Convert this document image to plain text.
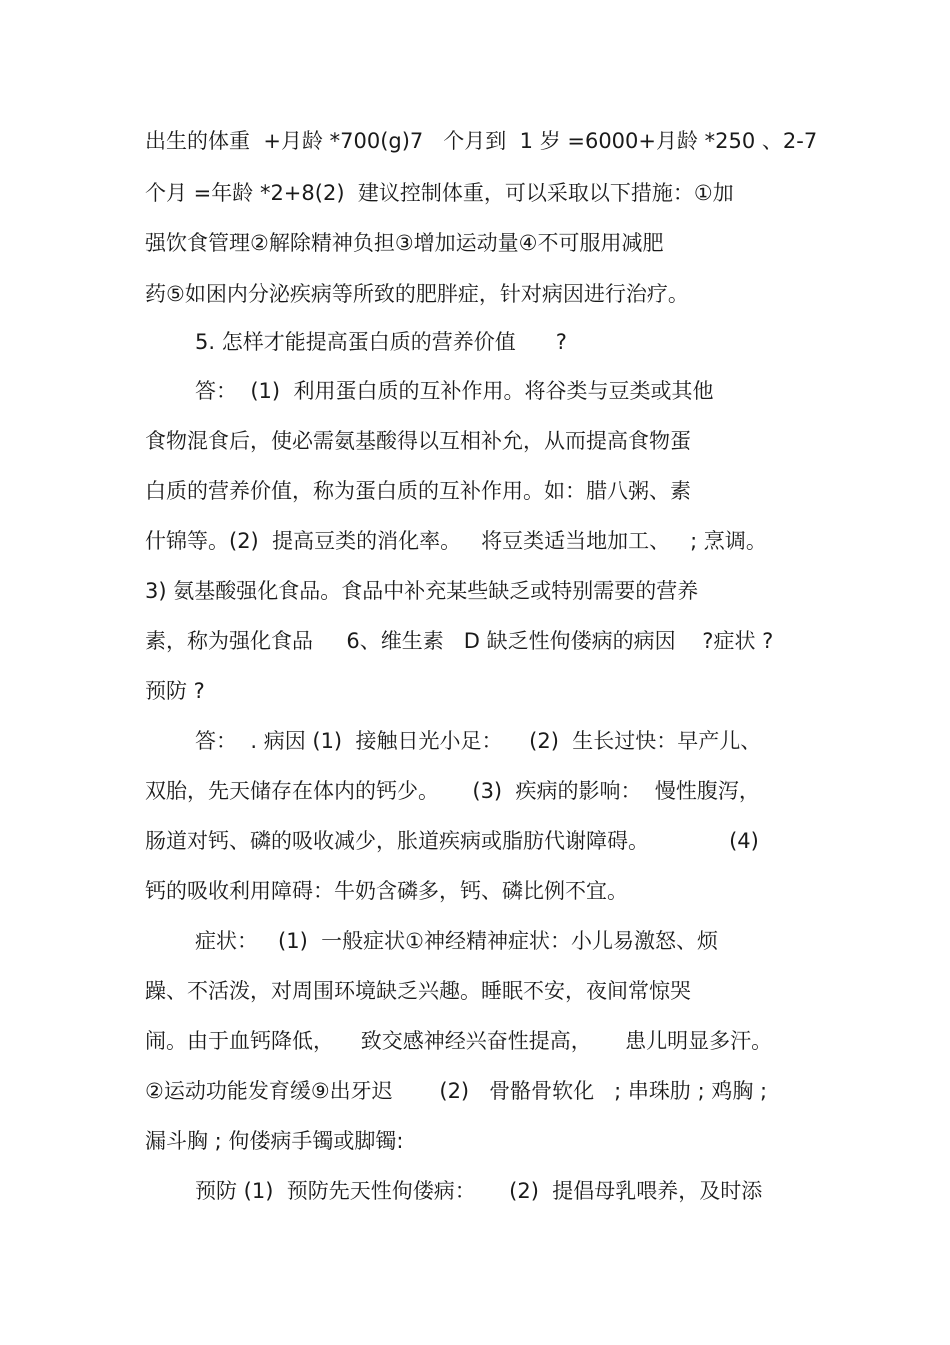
出生的体重  +月龄 *700(g)7   个月到  1 岁 =6000+月龄 *250 、2-7
个月 =年龄 *2+8(2)  建议控制体重，可以采取以下措施：①加
强饮食管理②解除精神负担③增加运动量④不可服用减肥
药⑤如困内分泌疾病等所致的肥胖症，针对病因进行治疗。
5. 怎样才能提高蛋白质的营养价值      ?
答：  (1)  利用蛋白质的互补作用。将谷类与豆类或其他
食物混食后，使必需氨基酸得以互相补允，从而提高食物蛋
白质的营养价值，称为蛋白质的互补作用。如：腊八粥、素
什锦等。(2)  提高豆类的消化率。   将豆类适当地加工、   ; 烹调。
3) 氨基酸强化食品。食品中补充某些缺乏或特别需要的营养
素，称为强化食品     6、维生素   D 缺乏性佝偻病的病因    ?症状 ?
预防 ?
答：  . 病因 (1)  接触日光小足：    (2)  生长过快：早产儿、
双胎，先天储存在体内的钙少。     (3)  疾病的影响：  慢性腹泻，
肠道对钙、磷的吸收减少，胀道疾病或脂肪代谢障碍。            (4)
钙的吸收利用障碍：牛奶含磷多，钙、磷比例不宜。
症状：   (1)  一般症状①神经精神症状：小儿易激怒、烦
躁、不活泼，对周围环境缺乏兴趣。睡眠不安，夜间常惊哭
闹。由于血钙降低，    致交感神经兴奋性提高，     患儿明显多汗。
②运动功能发育缓⑨出牙迟       (2)   骨骼骨软化   ; 串珠肋 ; 鸡胸 ;
漏斗胸 ; 佝偻病手镯或脚镯:
预防 (1)  预防先天性佝偻病：     (2)  提倡母乳喂养，及时添
